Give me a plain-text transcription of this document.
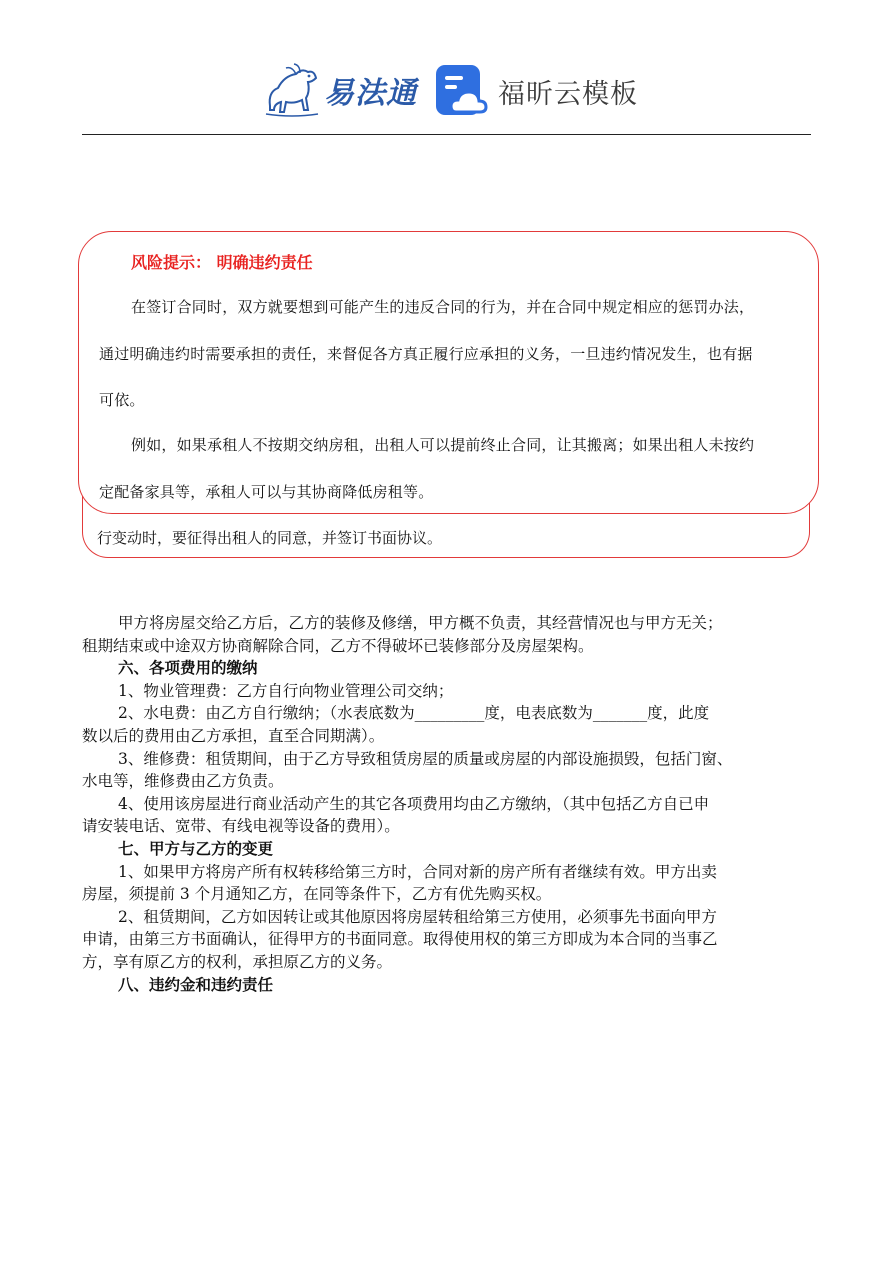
易法通	福昕云模板
行变动时，要征得出租人的同意，并签订书面协议。
风险提示： 明确违约责任
在签订合同时，双方就要想到可能产生的违反合同的行为，并在合同中规定相应的惩罚办法，
通过明确违约时需要承担的责任，来督促各方真正履行应承担的义务，一旦违约情况发生，也有据
可依。
例如，如果承租人不按期交纳房租，出租人可以提前终止合同，让其搬离；如果出租人未按约
定配备家具等，承租人可以与其协商降低房租等。

甲方将房屋交给乙方后，乙方的装修及修缮，甲方概不负责，其经营情况也与甲方无关；

租期结束或中途双方协商解除合同，乙方不得破坏已装修部分及房屋架构。

六、各项费用的缴纳

1、物业管理费：乙方自行向物业管理公司交纳；

2、水电费：由乙方自行缴纳；（水表底数为_________度，电表底数为_______度，此度

数以后的费用由乙方承担，直至合同期满）。

3、维修费：租赁期间，由于乙方导致租赁房屋的质量或房屋的内部设施损毁，包括门窗、

水电等，维修费由乙方负责。

4、使用该房屋进行商业活动产生的其它各项费用均由乙方缴纳，（其中包括乙方自已申

请安装电话、宽带、有线电视等设备的费用）。

七、甲方与乙方的变更

1、如果甲方将房产所有权转移给第三方时，合同对新的房产所有者继续有效。甲方出卖

房屋，须提前 3 个月通知乙方，在同等条件下，乙方有优先购买权。

2、租赁期间，乙方如因转让或其他原因将房屋转租给第三方使用，必须事先书面向甲方

申请，由第三方书面确认，征得甲方的书面同意。取得使用权的第三方即成为本合同的当事乙

方，享有原乙方的权利，承担原乙方的义务。

八、违约金和违约责任
